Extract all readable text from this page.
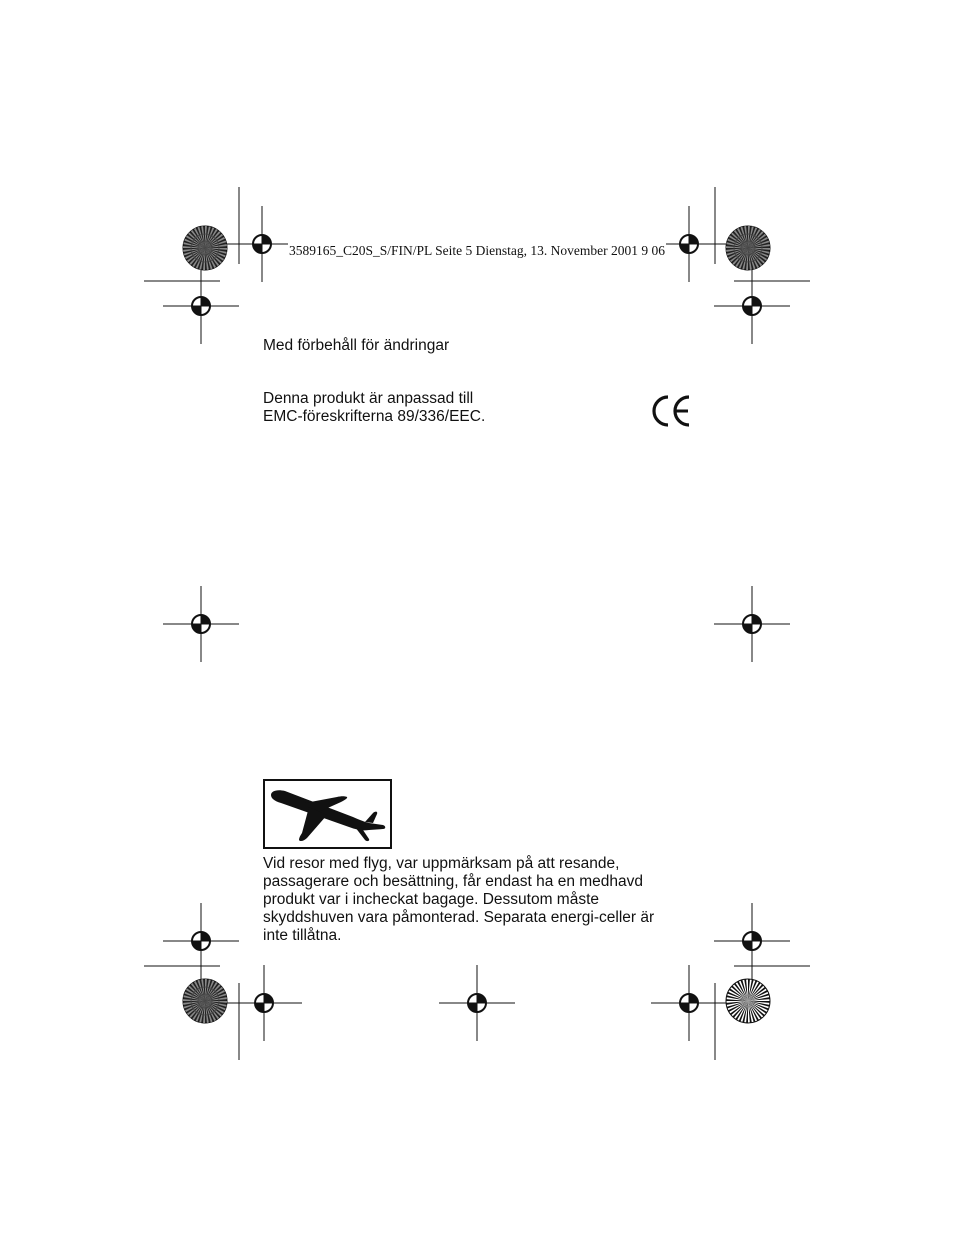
3589165_C20S_S/FIN/PL Seite 5 Dienstag, 13. November 2001 9 06
Med förbehåll för ändringar
Denna produkt är anpassad till
EMC-föreskrifterna 89/336/EEC.
Vid resor med flyg, var uppmärksam på att resande,
passagerare och besättning, får endast ha en medhavd
produkt var i incheckat bagage. Dessutom måste
skyddshuven vara påmonterad. Separata energi-celler är
inte tillåtna.
